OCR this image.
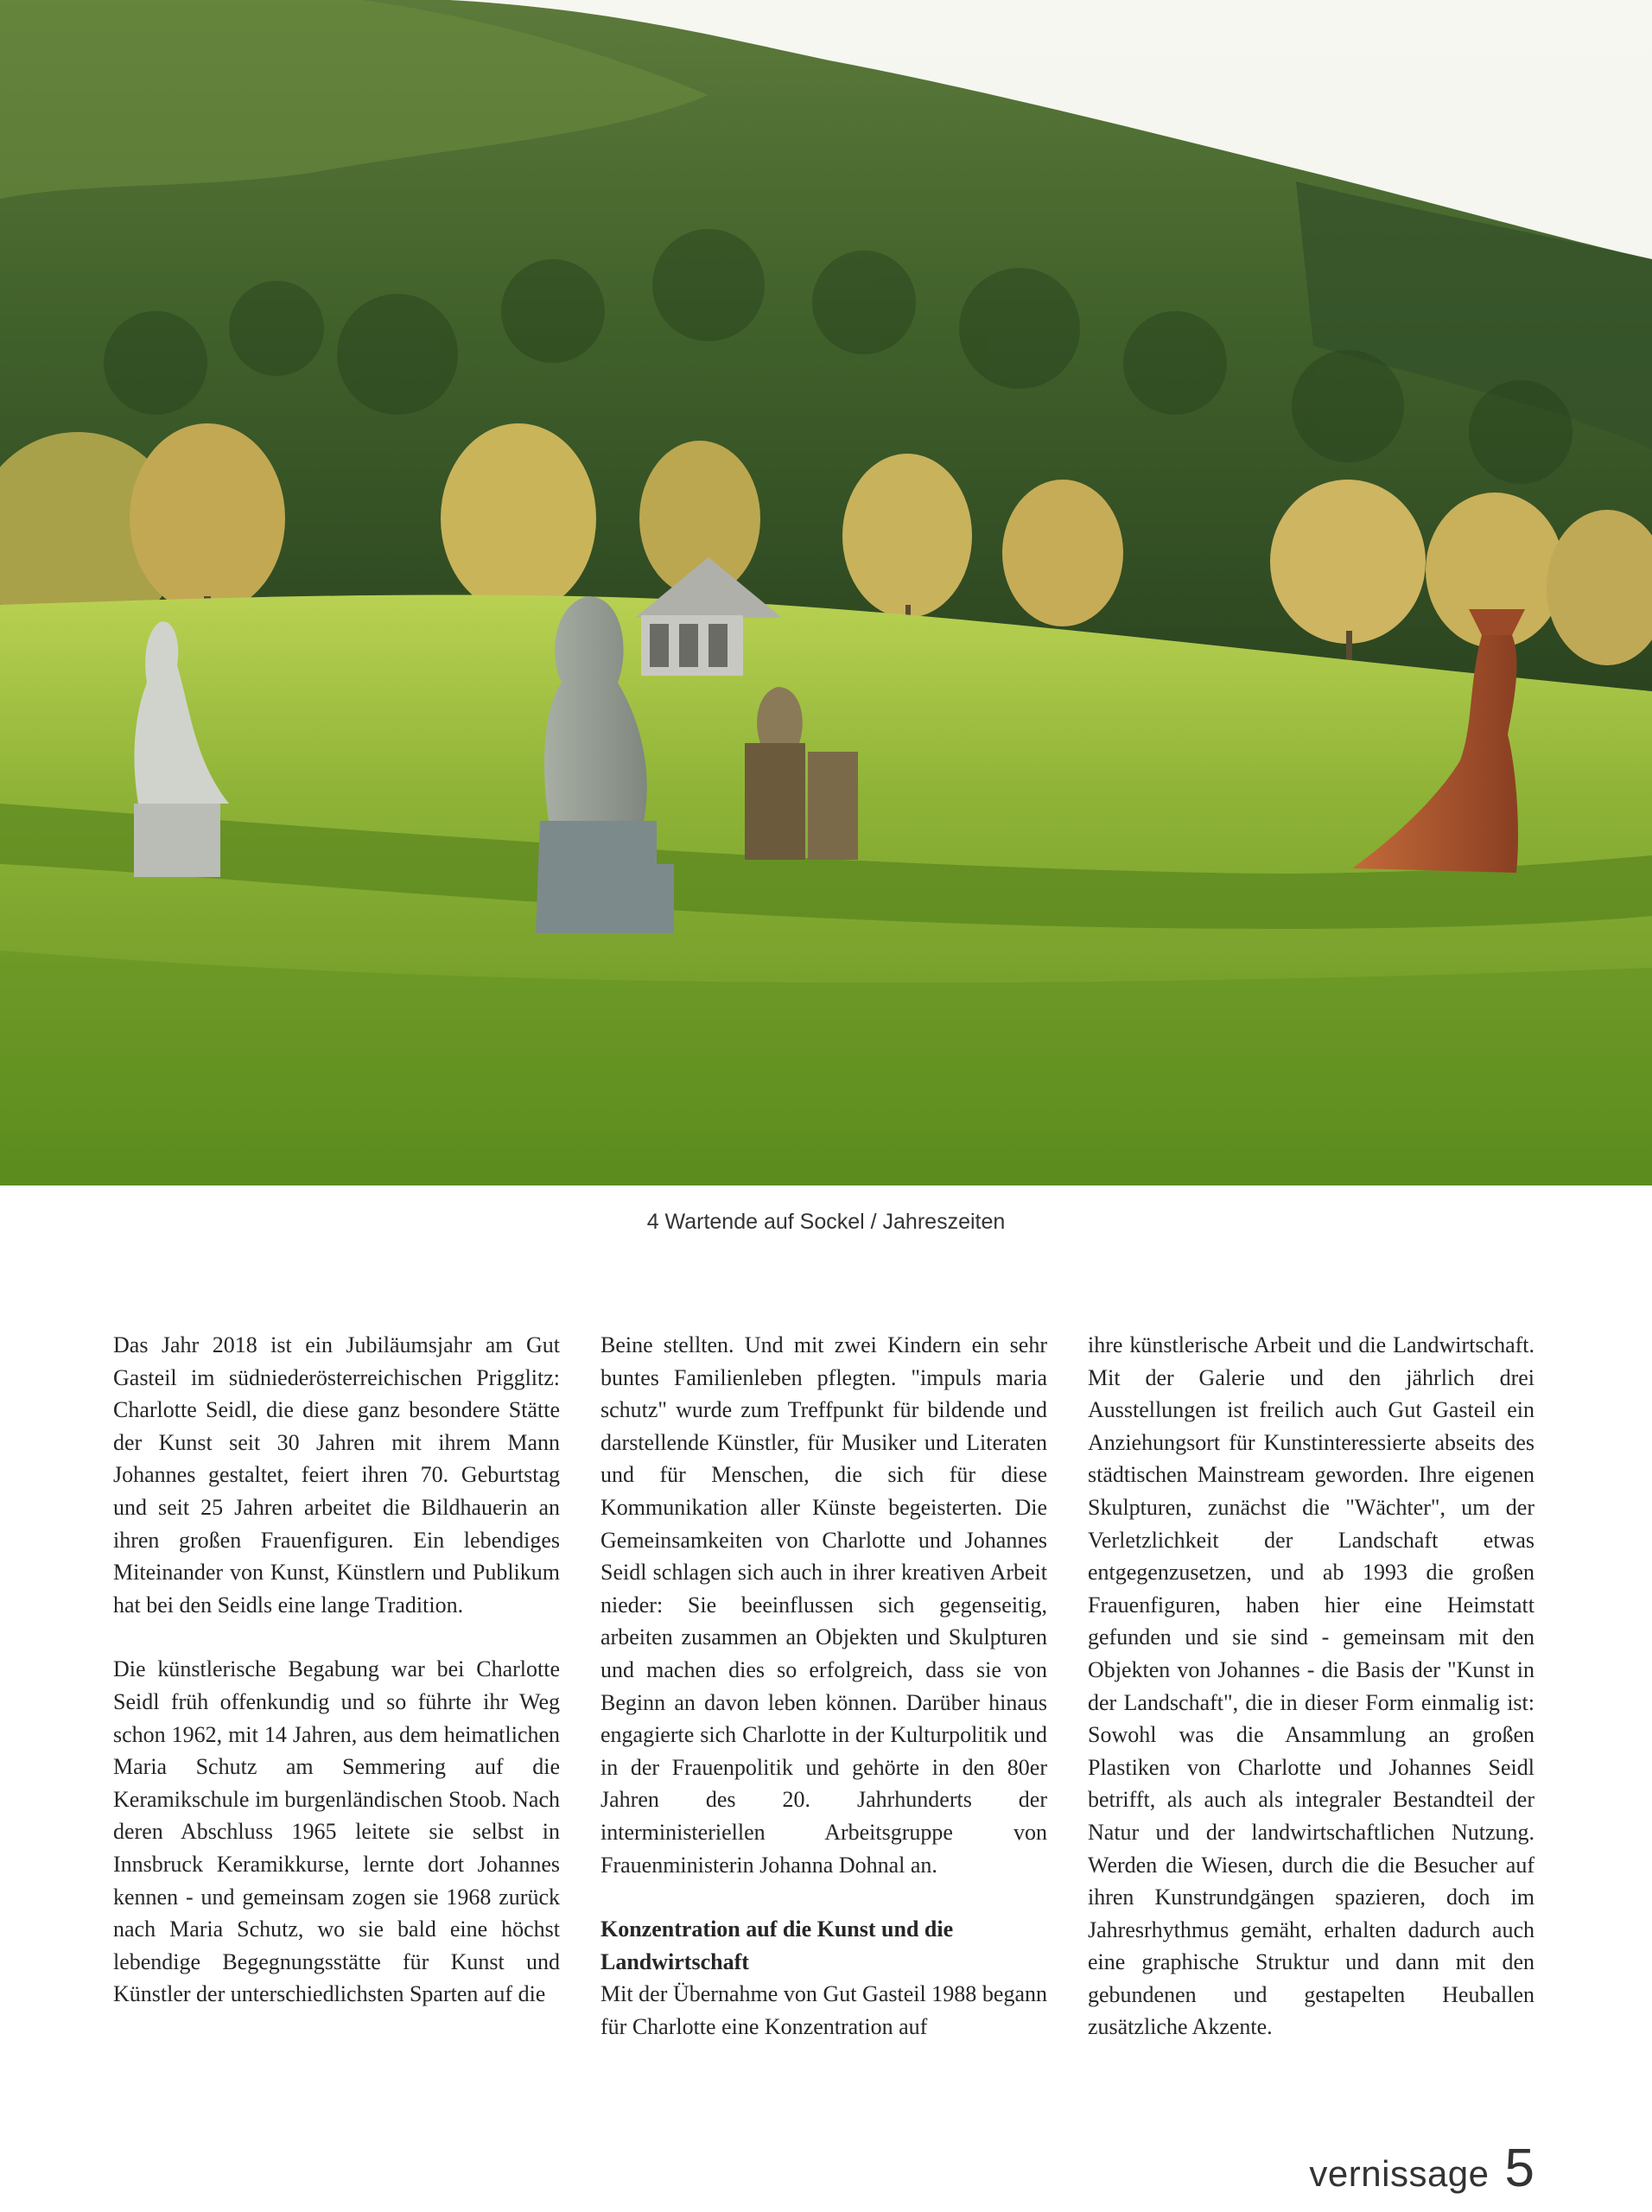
4 Wartende auf Sockel / Jahreszeiten

Das Jahr 2018 ist ein Jubiläumsjahr am Gut Gasteil im südniederösterreichischen Prigglitz: Charlotte Seidl, die diese ganz besondere Stätte der Kunst seit 30 Jahren mit ihrem Mann Johannes gestaltet, feiert ihren 70. Geburtstag und seit 25 Jahren arbeitet die Bildhauerin an ihren großen Frauenfiguren. Ein lebendiges Miteinander von Kunst, Künstlern und Publikum hat bei den Seidls eine lange Tradition.

Die künstlerische Begabung war bei Charlotte Seidl früh offenkundig und so führte ihr Weg schon 1962, mit 14 Jahren, aus dem heimatlichen Maria Schutz am Semmering auf die Keramikschule im burgenländischen Stoob. Nach deren Abschluss 1965 leitete sie selbst in Innsbruck Keramikkurse, lernte dort Johannes kennen - und gemeinsam zogen sie 1968 zurück nach Maria Schutz, wo sie bald eine höchst lebendige Begegnungsstätte für Kunst und Künstler der unterschiedlichsten Sparten auf die

Beine stellten. Und mit zwei Kindern ein sehr buntes Familienleben pflegten. "impuls maria schutz" wurde zum Treffpunkt für bildende und darstellende Künstler, für Musiker und Literaten und für Menschen, die sich für diese Kommunikation aller Künste begeisterten. Die Gemeinsamkeiten von Charlotte und Johannes Seidl schlagen sich auch in ihrer kreativen Arbeit nieder: Sie beeinflussen sich gegenseitig, arbeiten zusammen an Objekten und Skulpturen und machen dies so erfolgreich, dass sie von Beginn an davon leben können. Darüber hinaus engagierte sich Charlotte in der Kulturpolitik und in der Frauenpolitik und gehörte in den 80er Jahren des 20. Jahrhunderts der interministeriellen Arbeitsgruppe von Frauenministerin Johanna Dohnal an.

Konzentration auf die Kunst und die Landwirtschaft

Mit der Übernahme von Gut Gasteil 1988 begann für Charlotte eine Konzentration auf

ihre künstlerische Arbeit und die Landwirtschaft. Mit der Galerie und den jährlich drei Ausstellungen ist freilich auch Gut Gasteil ein Anziehungsort für Kunstinteressierte abseits des städtischen Mainstream geworden. Ihre eigenen Skulpturen, zunächst die "Wächter", um der Verletzlichkeit der Landschaft etwas entgegenzusetzen, und ab 1993 die großen Frauenfiguren, haben hier eine Heimstatt gefunden und sie sind - gemeinsam mit den Objekten von Johannes - die Basis der "Kunst in der Landschaft", die in dieser Form einmalig ist: Sowohl was die Ansammlung an großen Plastiken von Charlotte und Johannes Seidl betrifft, als auch als integraler Bestandteil der Natur und der landwirtschaftlichen Nutzung. Werden die Wiesen, durch die die Besucher auf ihren Kunstrundgängen spazieren, doch im Jahresrhythmus gemäht, erhalten dadurch auch eine graphische Struktur und dann mit den gebundenen und gestapelten Heuballen zusätzliche Akzente.

vernissage 5
